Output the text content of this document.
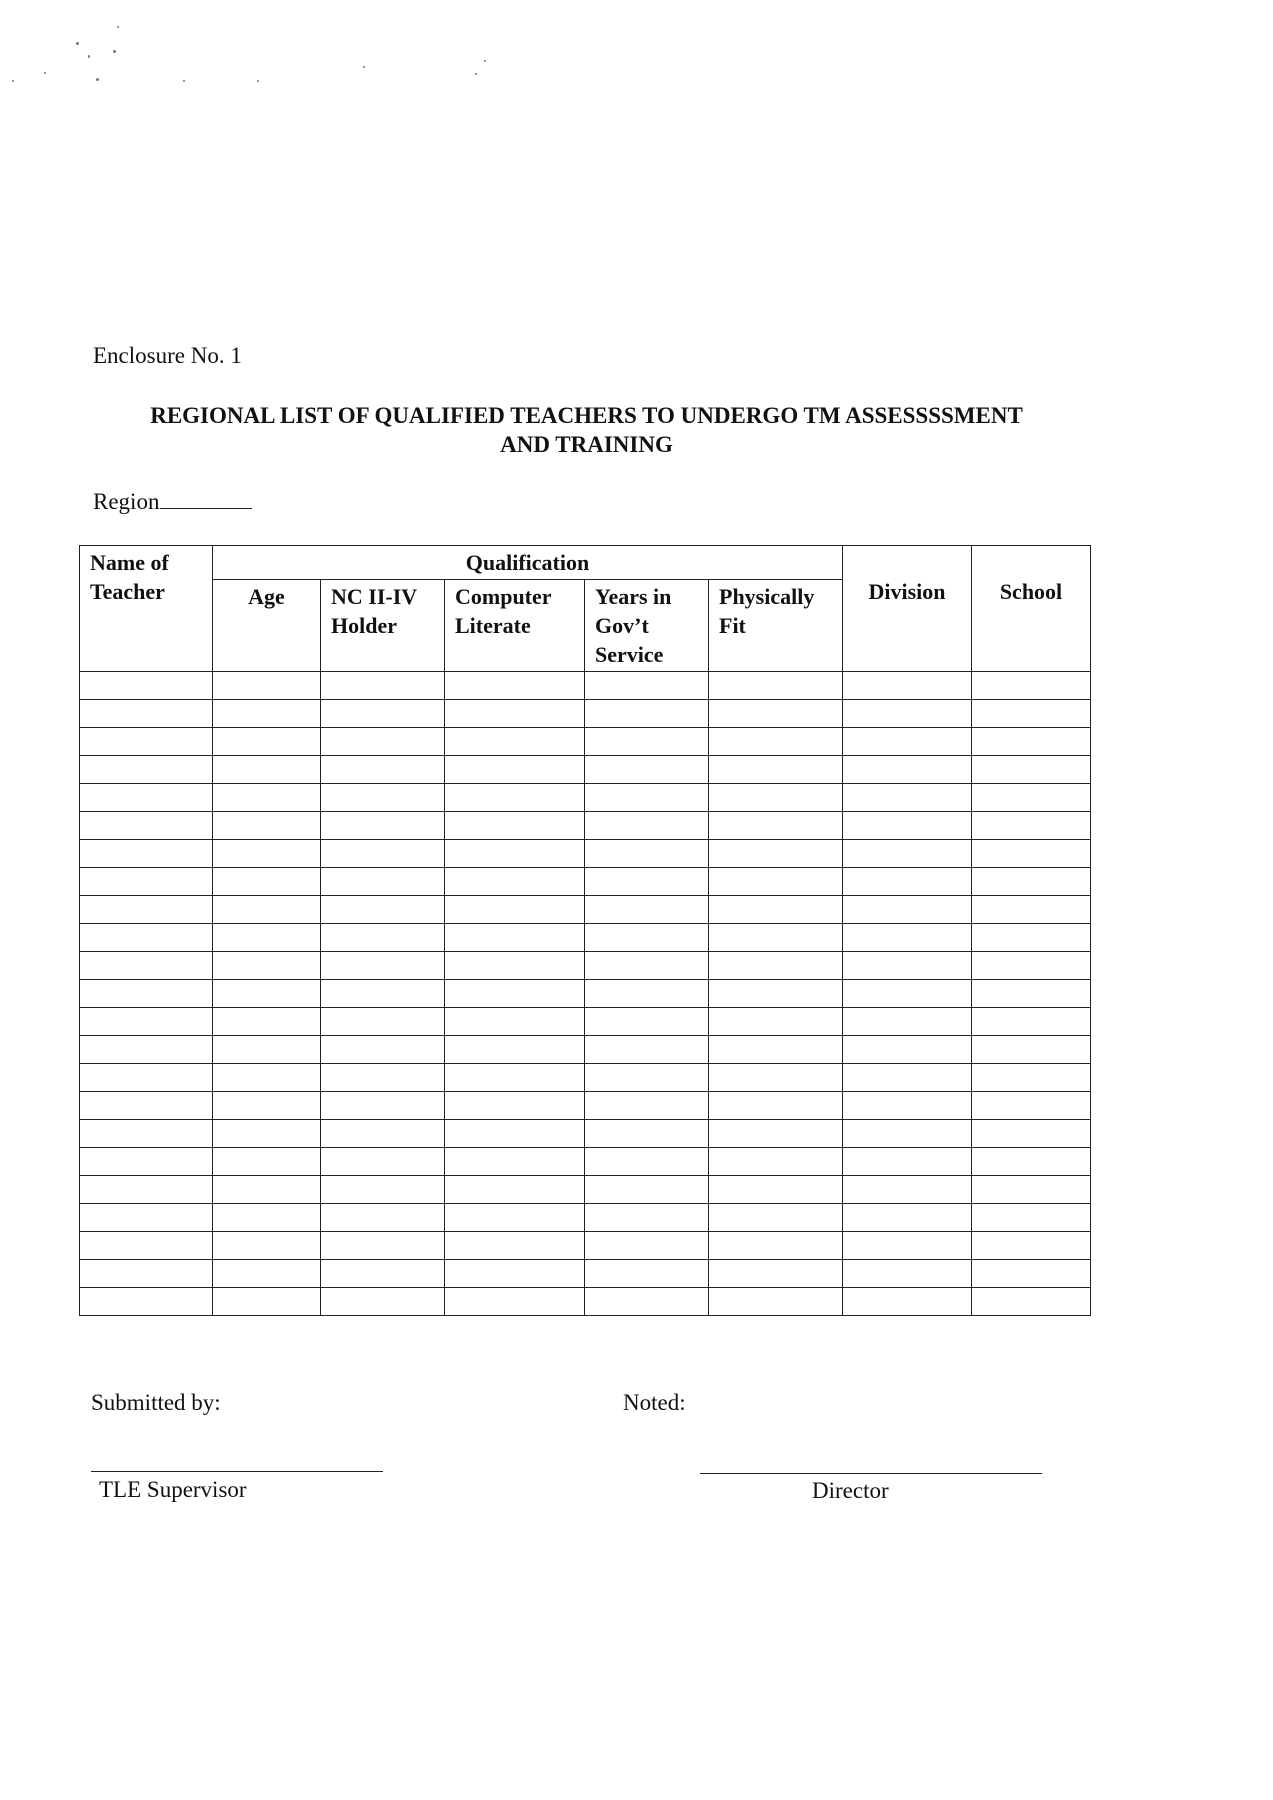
Enclosure No. 1
REGIONAL LIST OF QUALIFIED TEACHERS TO UNDERGO TM ASSESSSSMENT
AND TRAINING
Region
Name of Teacher	Qualification					Division	School
	Age	NC II-IV Holder	Computer Literate	Years in Gov’t Service	Physically Fit		

Submitted by:	Noted:
TLE Supervisor	Director
